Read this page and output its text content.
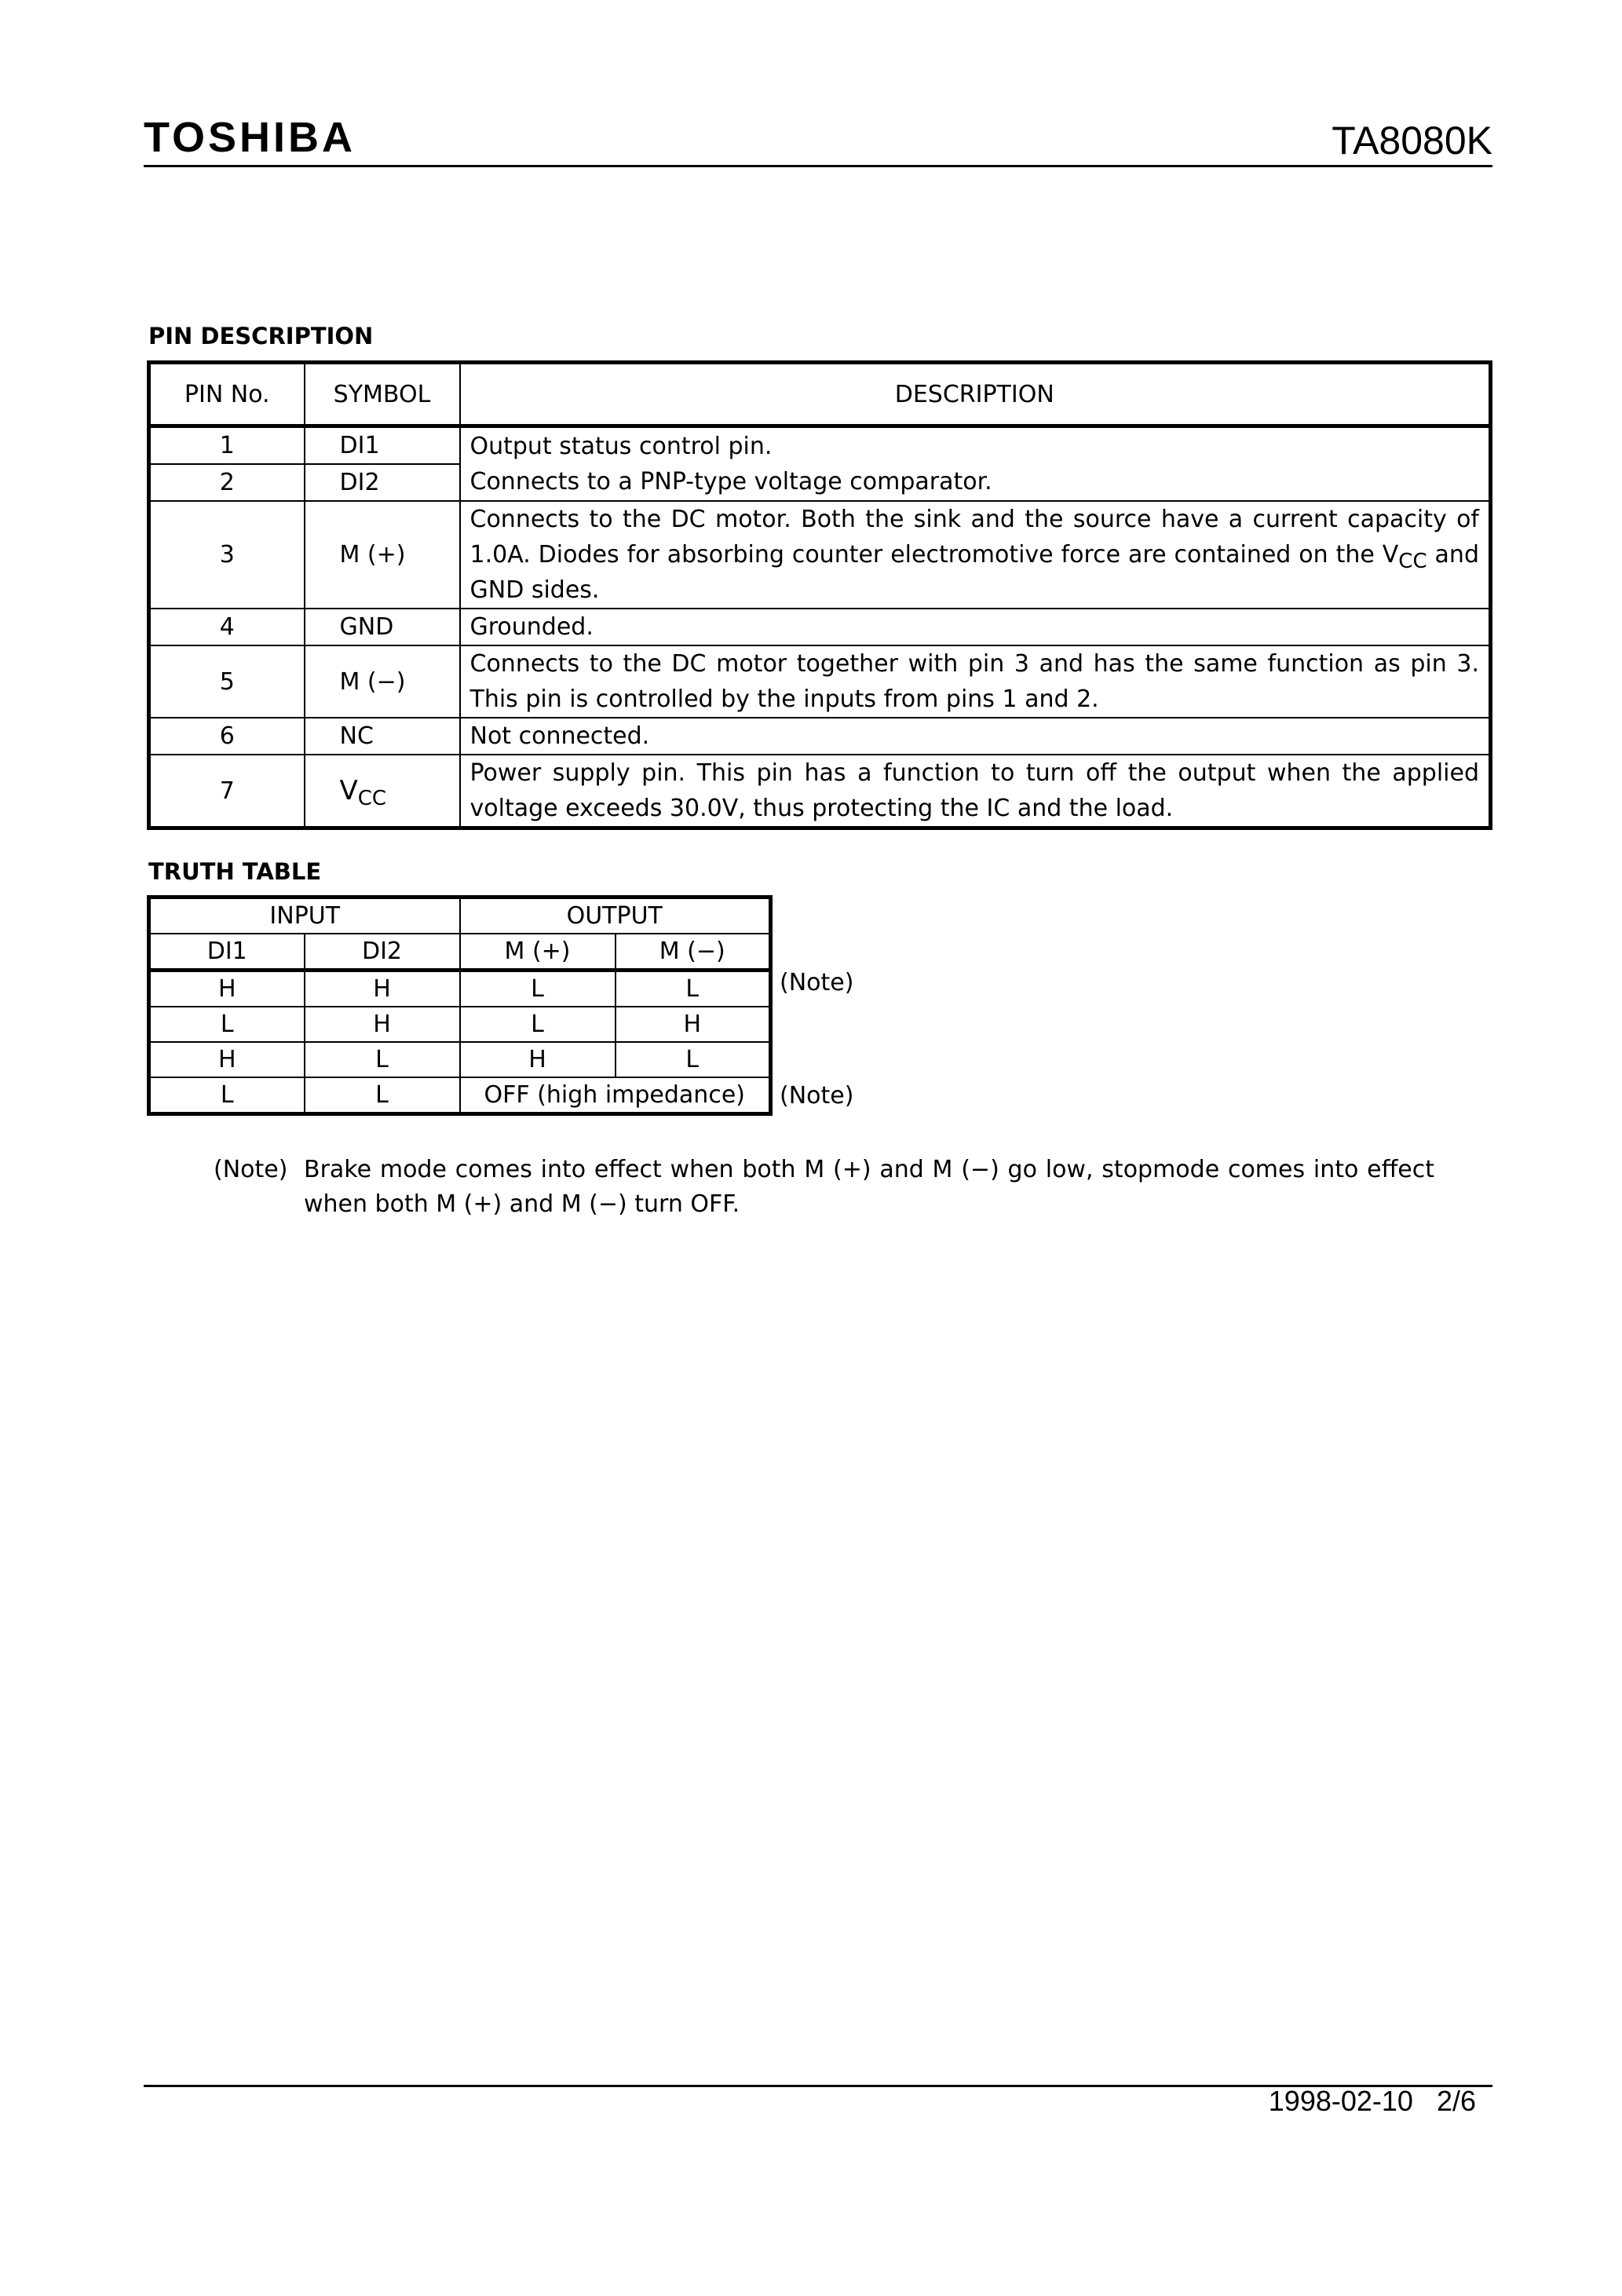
TOSHIBA	TA8080K
PIN DESCRIPTION
PIN No.	SYMBOL	DESCRIPTION
1	DI1	Output status control pin.
Connects to a PNP-type voltage comparator.

2	DI2	
3	M (+)	Connects to the DC motor. Both the sink and the source have a current capacity of 1.0A. Diodes for absorbing counter electromotive force are contained on the $V_{CC}$ and GND sides.
4	GND	Grounded.
5	M (−)	Connects to the DC motor together with pin 3 and has the same function as pin 3. This pin is controlled by the inputs from pins 1 and 2.
6	NC	Not connected.
7	$V_{CC}$	Power supply pin. This pin has a function to turn off the output when the applied voltage exceeds 30.0V, thus protecting the IC and the load.
TRUTH TABLE
INPUT		OUTPUT	
DI1	DI2	M (+)	M (−)
H	H	L	L
L	H	L	H
H	L	H	L
L	L	OFF (high impedance)	
(Note)
(Note)
(Note) Brake mode comes into effect when both M (+) and M (−) go low, stopmode comes into effect when both M (+) and M (−) turn OFF.
1998-02-10 2/6
